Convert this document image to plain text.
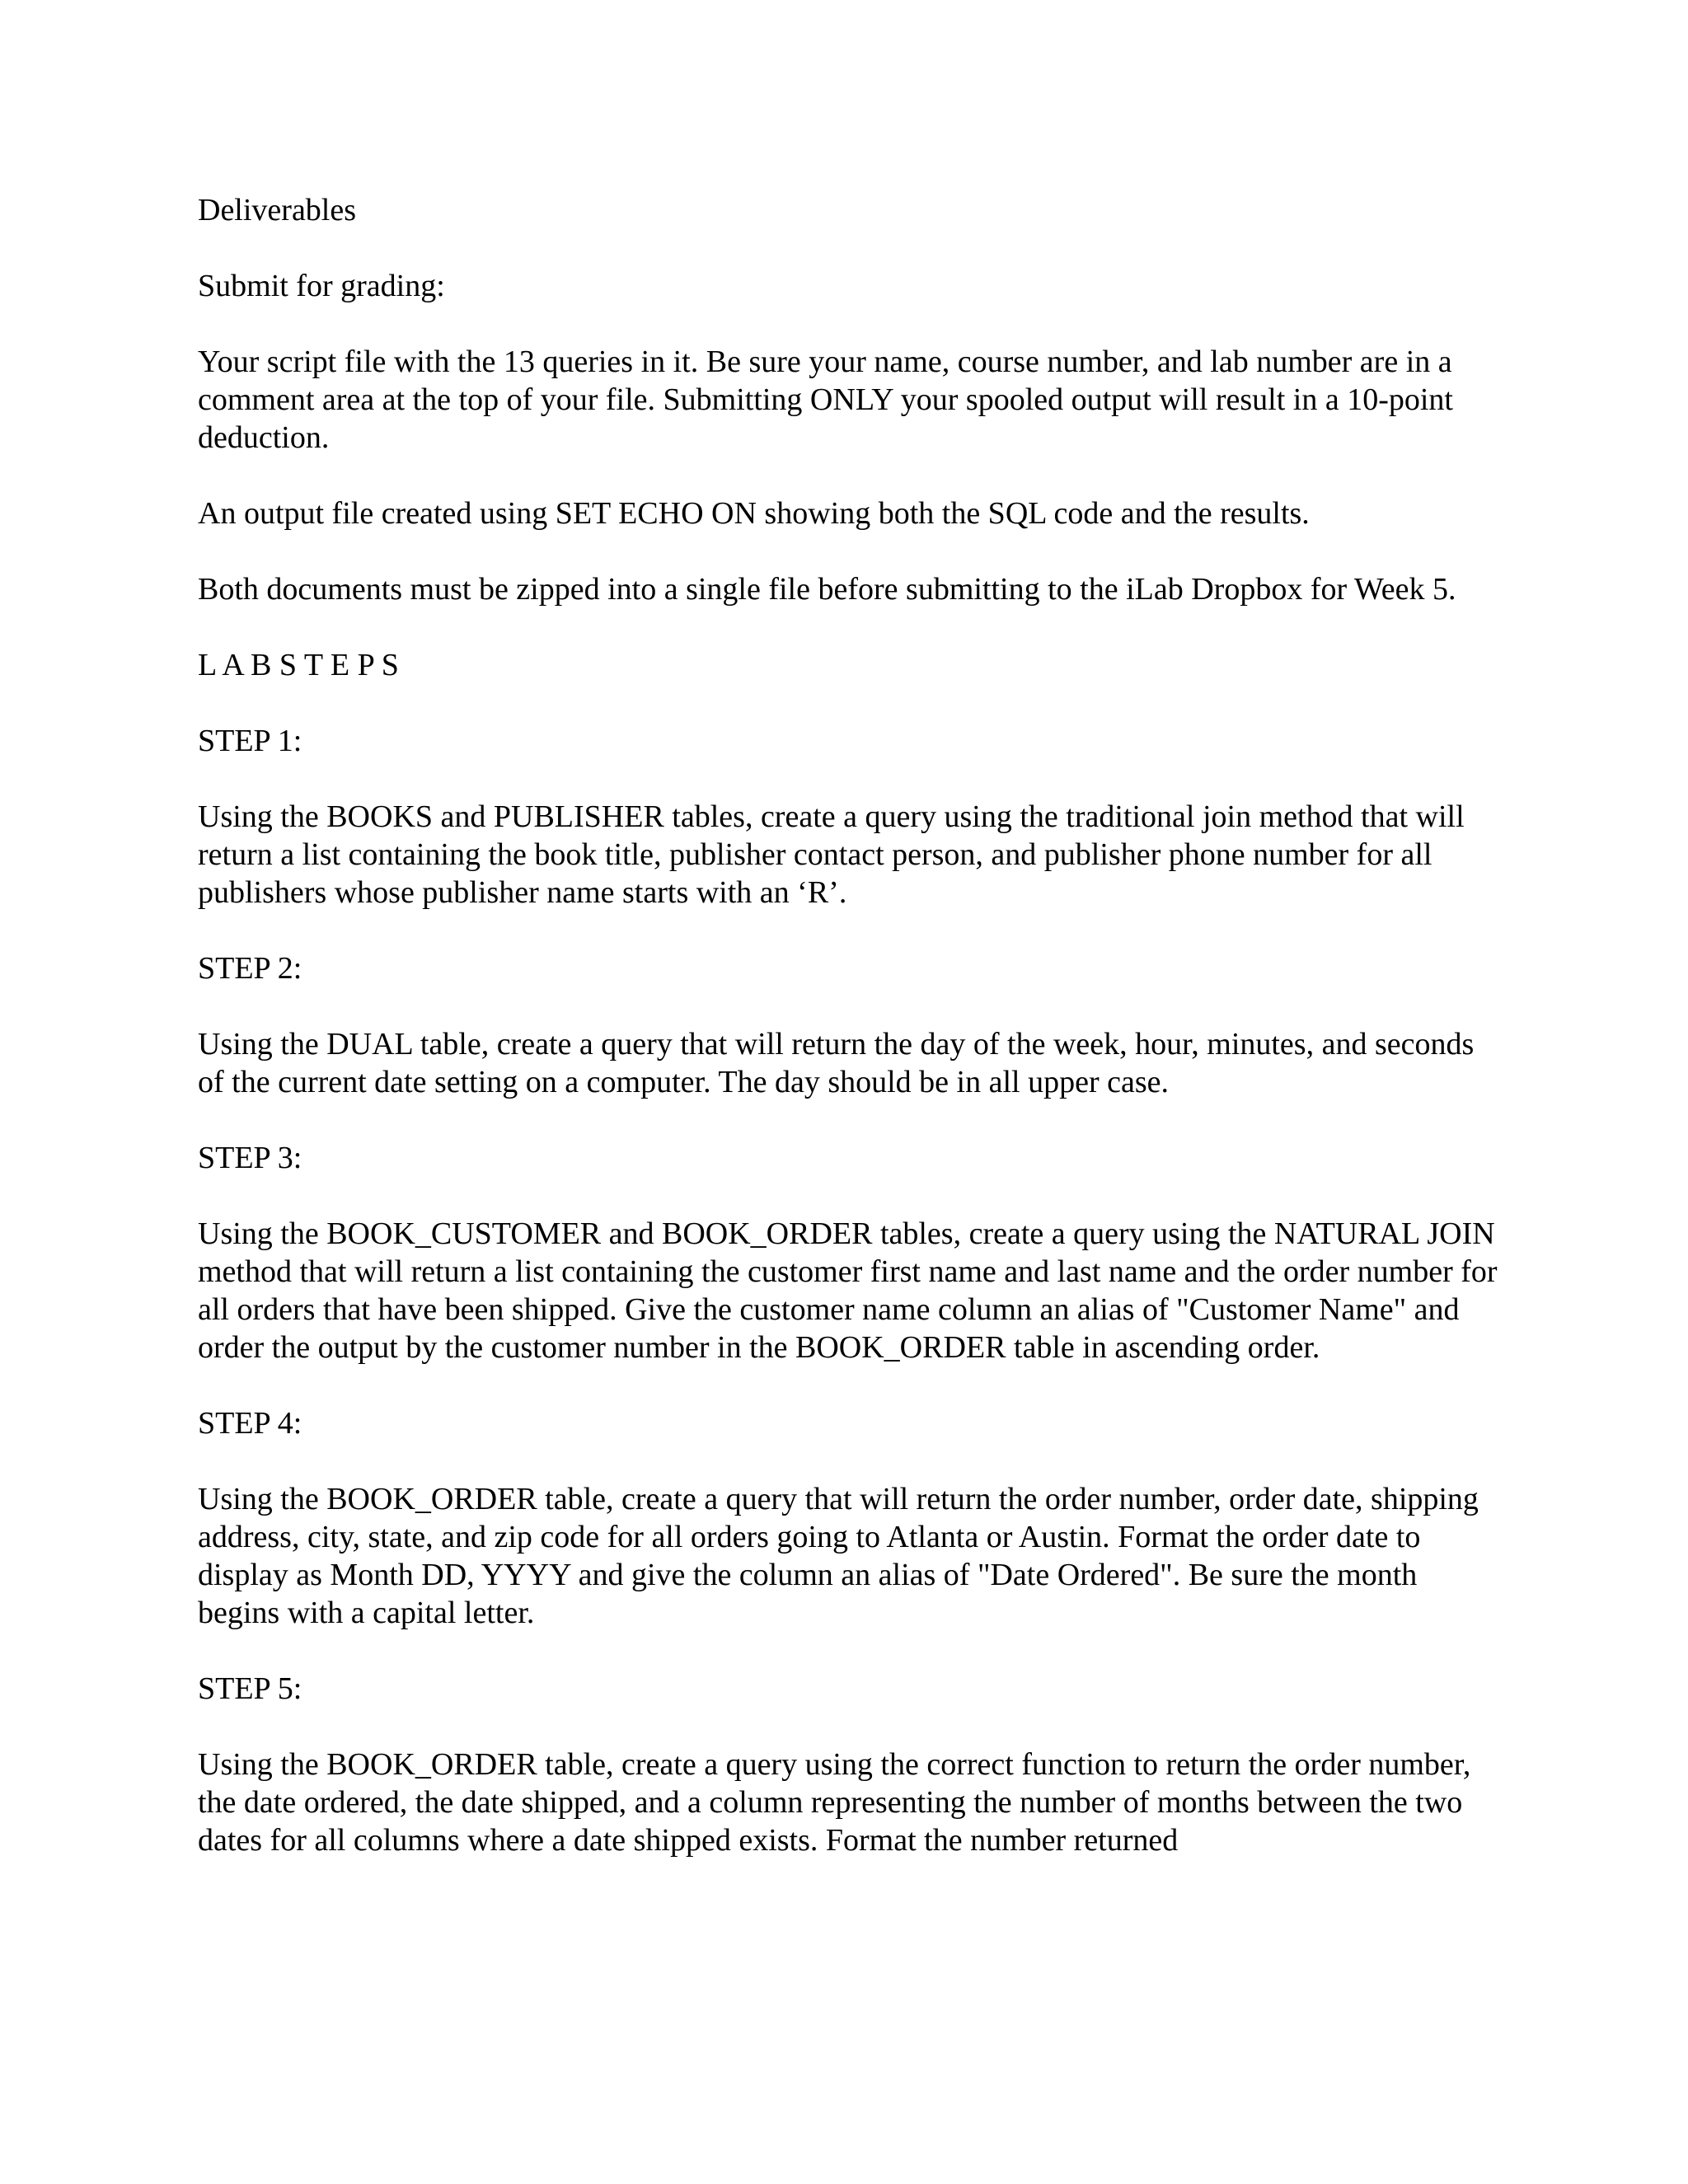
Deliverables

Submit for grading:

Your script file with the 13 queries in it. Be sure your name, course number, and lab number are in a comment area at the top of your file. Submitting ONLY your spooled output will result in a 10-point deduction.

An output file created using SET ECHO ON showing both the SQL code and the results.

Both documents must be zipped into a single file before submitting to the iLab Dropbox for Week 5.

L A B S T E P S

STEP 1:

Using the BOOKS and PUBLISHER tables, create a query using the traditional join method that will return a list containing the book title, publisher contact person, and publisher phone number for all publishers whose publisher name starts with an ‘R’.

STEP 2:

Using the DUAL table, create a query that will return the day of the week, hour, minutes, and seconds of the current date setting on a computer. The day should be in all upper case.

STEP 3:

Using the BOOK_CUSTOMER and BOOK_ORDER tables, create a query using the NATURAL JOIN method that will return a list containing the customer first name and last name and the order number for all orders that have been shipped. Give the customer name column an alias of "Customer Name" and order the output by the customer number in the BOOK_ORDER table in ascending order.

STEP 4:

Using the BOOK_ORDER table, create a query that will return the order number, order date, shipping address, city, state, and zip code for all orders going to Atlanta or Austin. Format the order date to display as Month DD, YYYY and give the column an alias of "Date Ordered". Be sure the month begins with a capital letter.

STEP 5:

Using the BOOK_ORDER table, create a query using the correct function to return the order number, the date ordered, the date shipped, and a column representing the number of months between the two dates for all columns where a date shipped exists. Format the number returned
